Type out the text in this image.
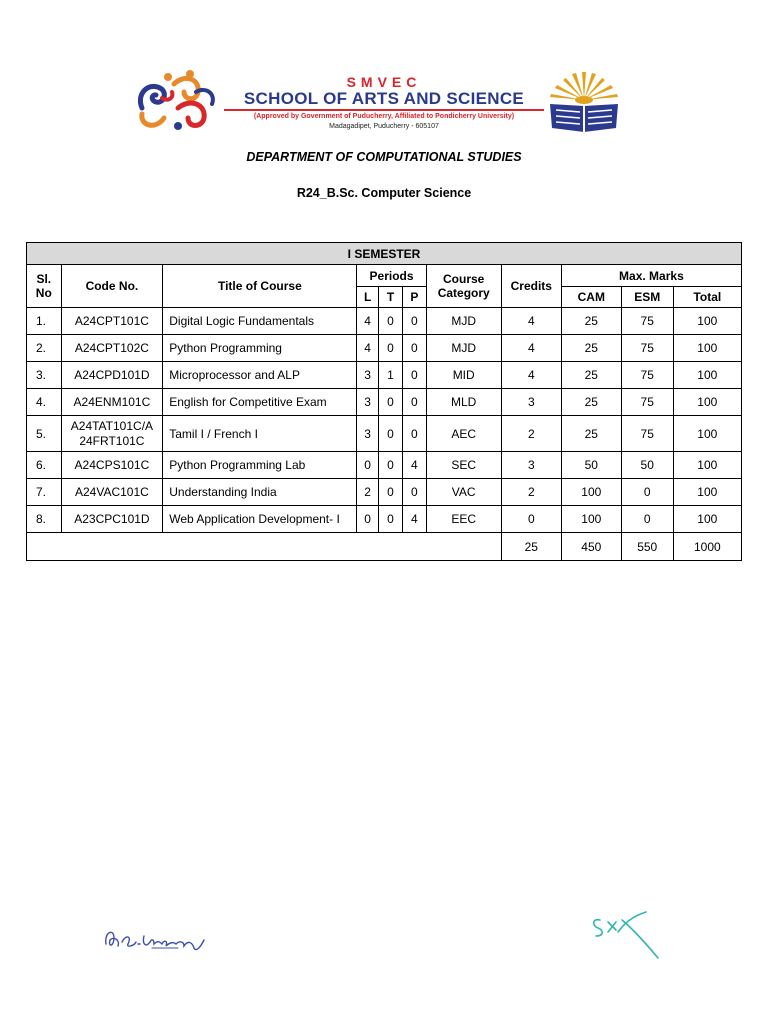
SMVEC
SCHOOL OF ARTS AND SCIENCE
(Approved by Government of Puducherry, Affiliated to Pondicherry University)
Madagadipet, Puducherry - 605107
DEPARTMENT OF COMPUTATIONAL STUDIES
R24_B.Sc. Computer Science
I SEMESTER										
Sl. No	Code No.	Title of Course	Periods			Course Category	Credits	Max. Marks		
			L	T	P			CAM	ESM	Total
1.	A24CPT101C	Digital Logic Fundamentals	4	0	0	MJD	4	25	75	100
2.	A24CPT102C	Python Programming	4	0	0	MJD	4	25	75	100
3.	A24CPD101D	Microprocessor and ALP	3	1	0	MID	4	25	75	100
4.	A24ENM101C	English for Competitive Exam	3	0	0	MLD	3	25	75	100
5.	A24TAT101C/A
24FRT101C	Tamil I / French I	3	0	0	AEC	2	25	75	100
6.	A24CPS101C	Python Programming Lab	0	0	4	SEC	3	50	50	100
7.	A24VAC101C	Understanding India	2	0	0	VAC	2	100	0	100
8.	A23CPC101D	Web Application Development- I	0	0	4	EEC	0	100	0	100
							25	450	550	1000
